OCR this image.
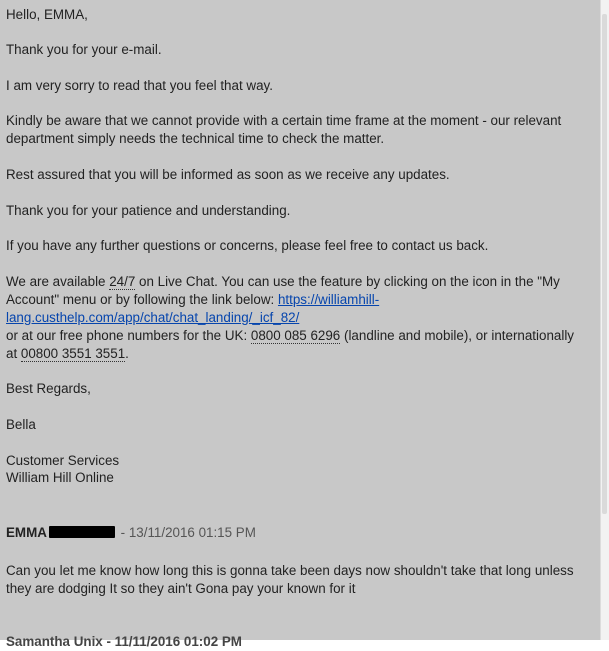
Hello, EMMA,
Thank you for your e-mail.
I am very sorry to read that you feel that way.
Kindly be aware that we cannot provide with a certain time frame at the moment - our relevant
department simply needs the technical time to check the matter.
Rest assured that you will be informed as soon as we receive any updates.
Thank you for your patience and understanding.
If you have any further questions or concerns, please feel free to contact us back.
We are available 24/7 on Live Chat. You can use the feature by clicking on the icon in the "My
Account" menu or by following the link below: https://williamhill-
lang.custhelp.com/app/chat/chat_landing/_icf_82/
or at our free phone numbers for the UK: 0800 085 6296 (landline and mobile), or internationally
at 00800 3551 3551.
Best Regards,
Bella
Customer Services
William Hill Online
EMMA	- 13/11/2016 01:15 PM
Can you let me know how long this is gonna take been days now shouldn't take that long unless
they are dodging It so they ain't Gona pay your known for it
Samantha Unix - 11/11/2016 01:02 PM
